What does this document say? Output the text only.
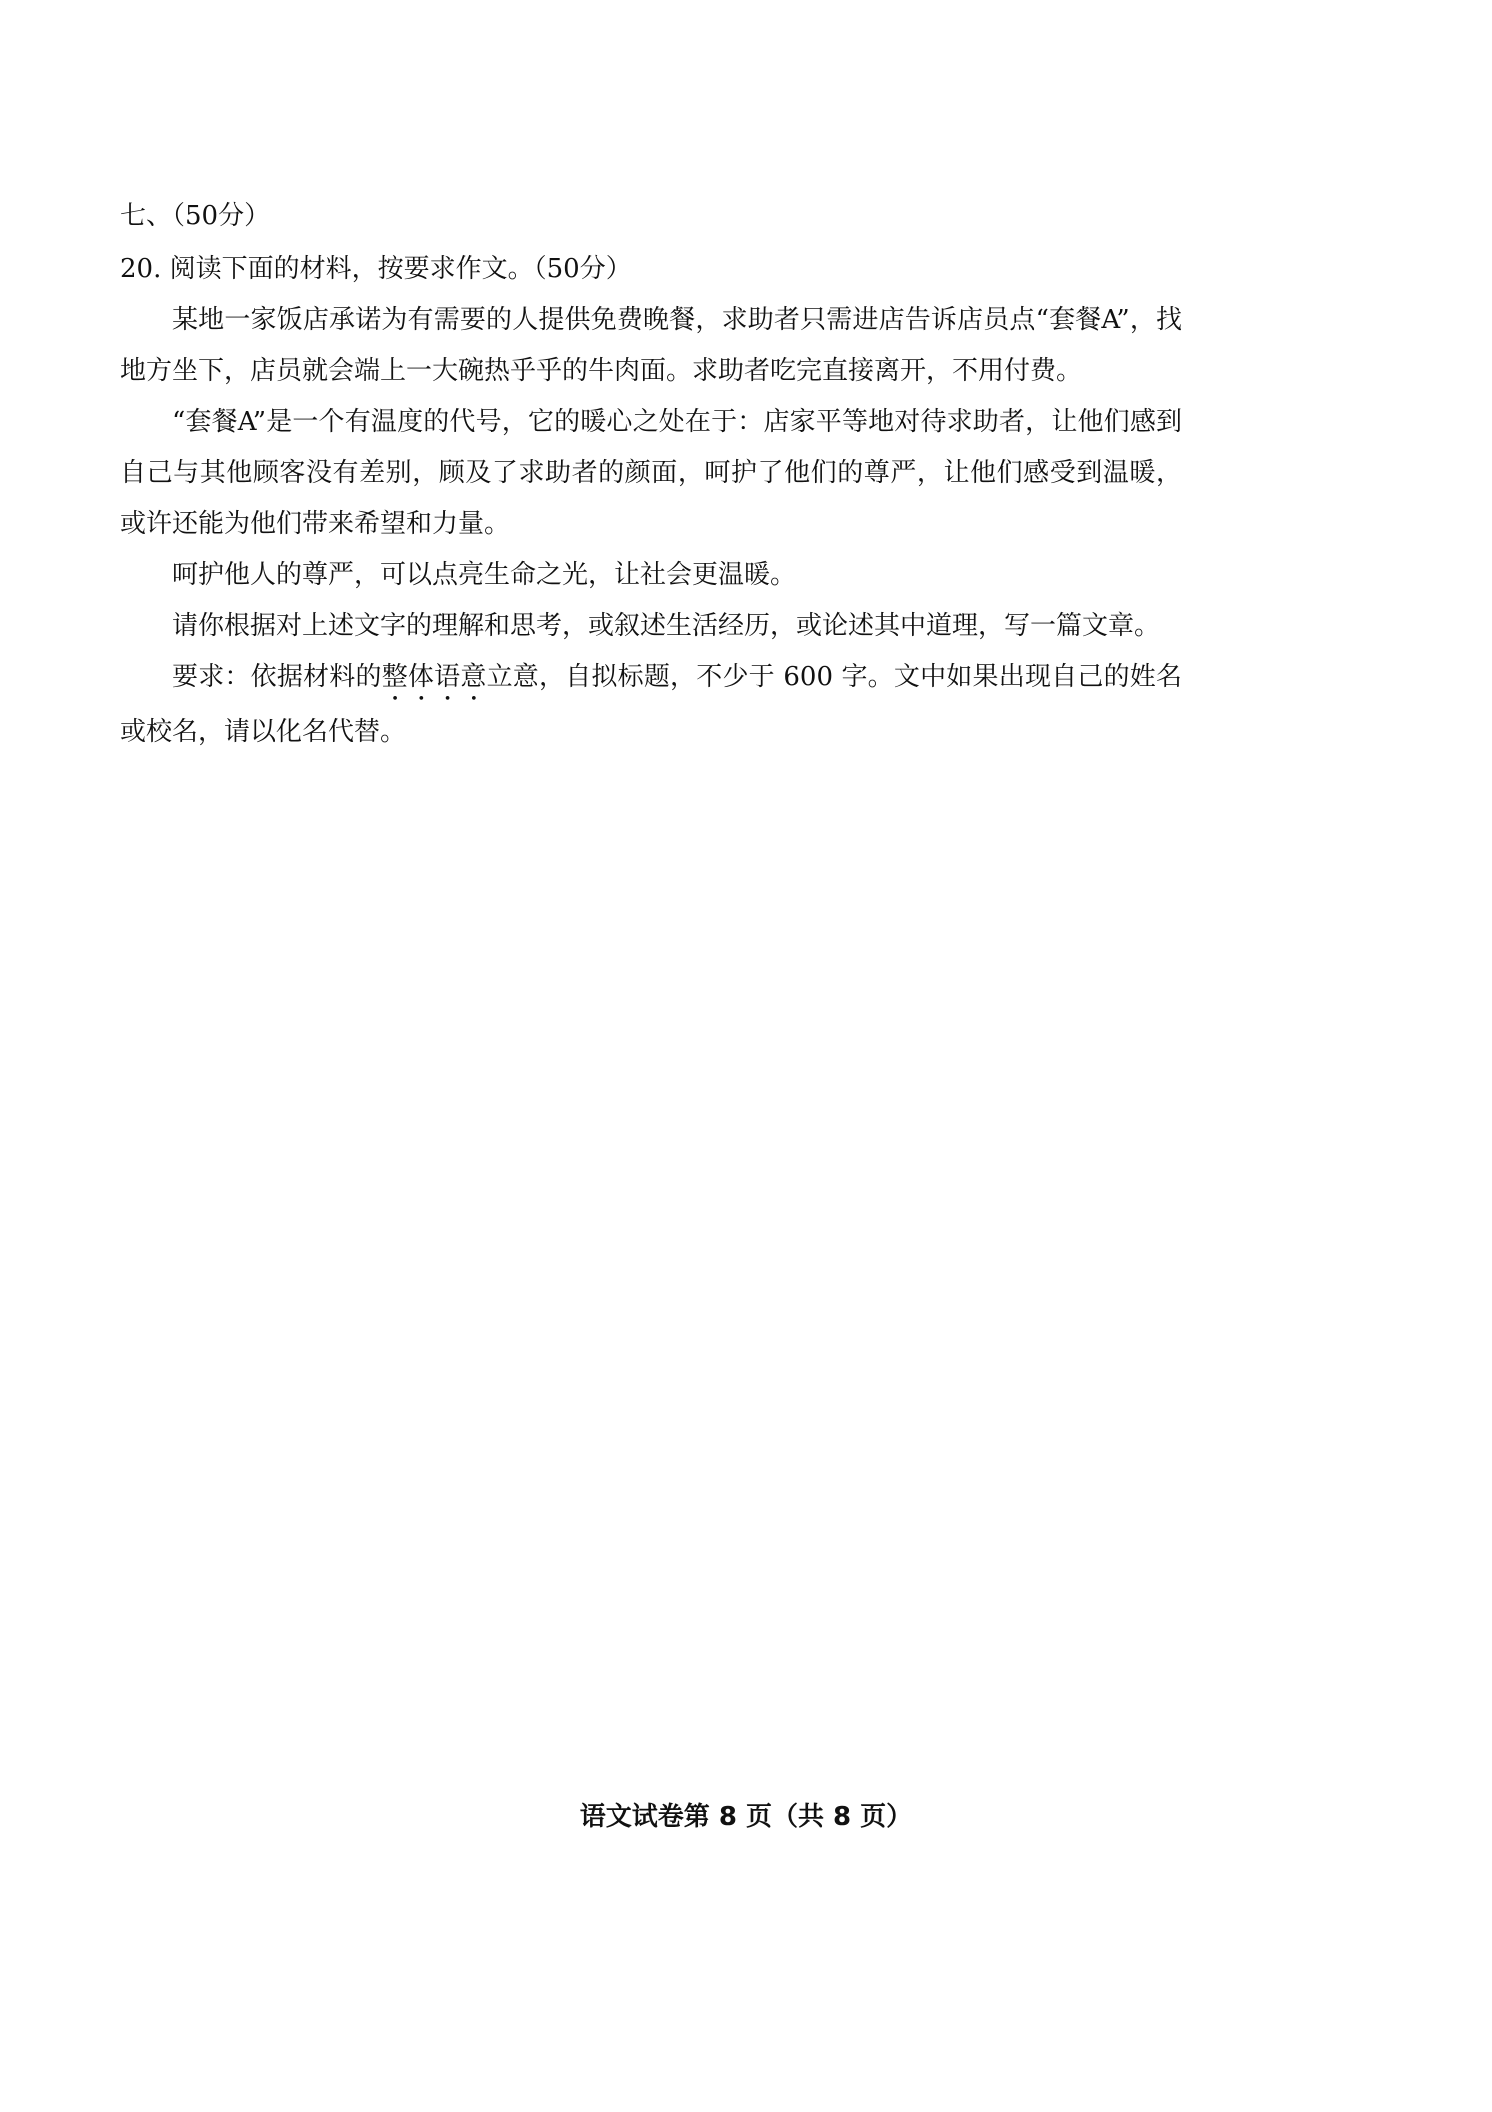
七、（50分）
20. 阅读下面的材料，按要求作文。（50分）

某地一家饭店承诺为有需要的人提供免费晚餐，求助者只需进店告诉店员点“套餐A”，找地方坐下，店员就会端上一大碗热乎乎的牛肉面。求助者吃完直接离开，不用付费。

“套餐A”是一个有温度的代号，它的暖心之处在于：店家平等地对待求助者，让他们感到自己与其他顾客没有差别，顾及了求助者的颜面，呵护了他们的尊严，让他们感受到温暖，或许还能为他们带来希望和力量。

呵护他人的尊严，可以点亮生命之光，让社会更温暖。

请你根据对上述文字的理解和思考，或叙述生活经历，或论述其中道理，写一篇文章。

要求：依据材料的整体语意立意，自拟标题，不少于 600 字。文中如果出现自己的姓名或校名，请以化名代替。

语文试卷第 8 页（共 8 页）
